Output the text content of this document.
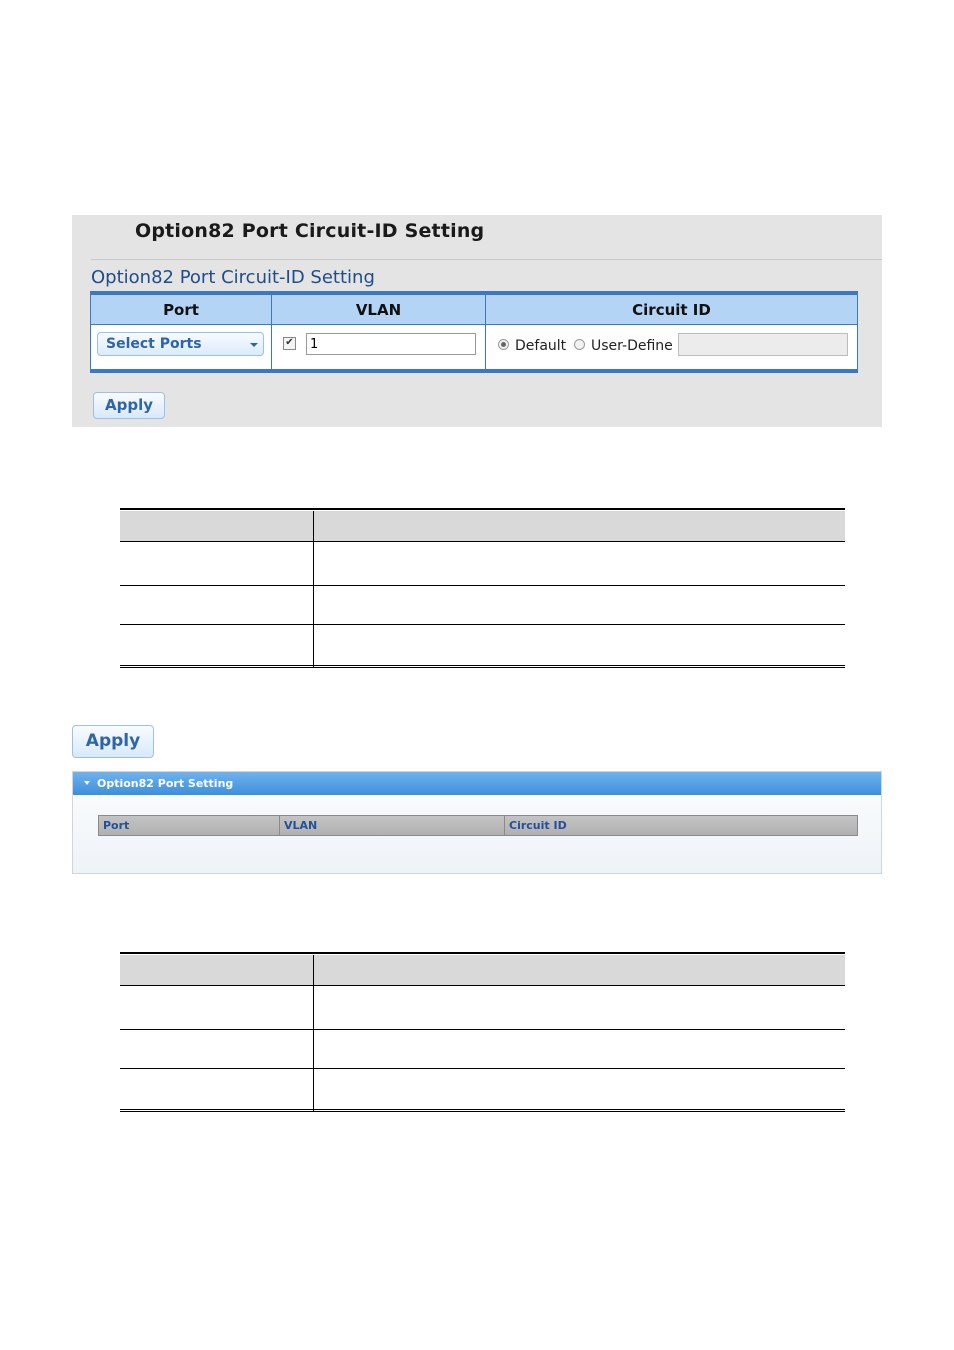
Option82 Port Circuit-ID Setting
Option82 Port Circuit-ID Setting
Port	VLAN	Circuit ID
Select Ports	✔	1	Default User-Define
Apply
Apply
Option82 Port Setting
Port	VLAN	Circuit ID
